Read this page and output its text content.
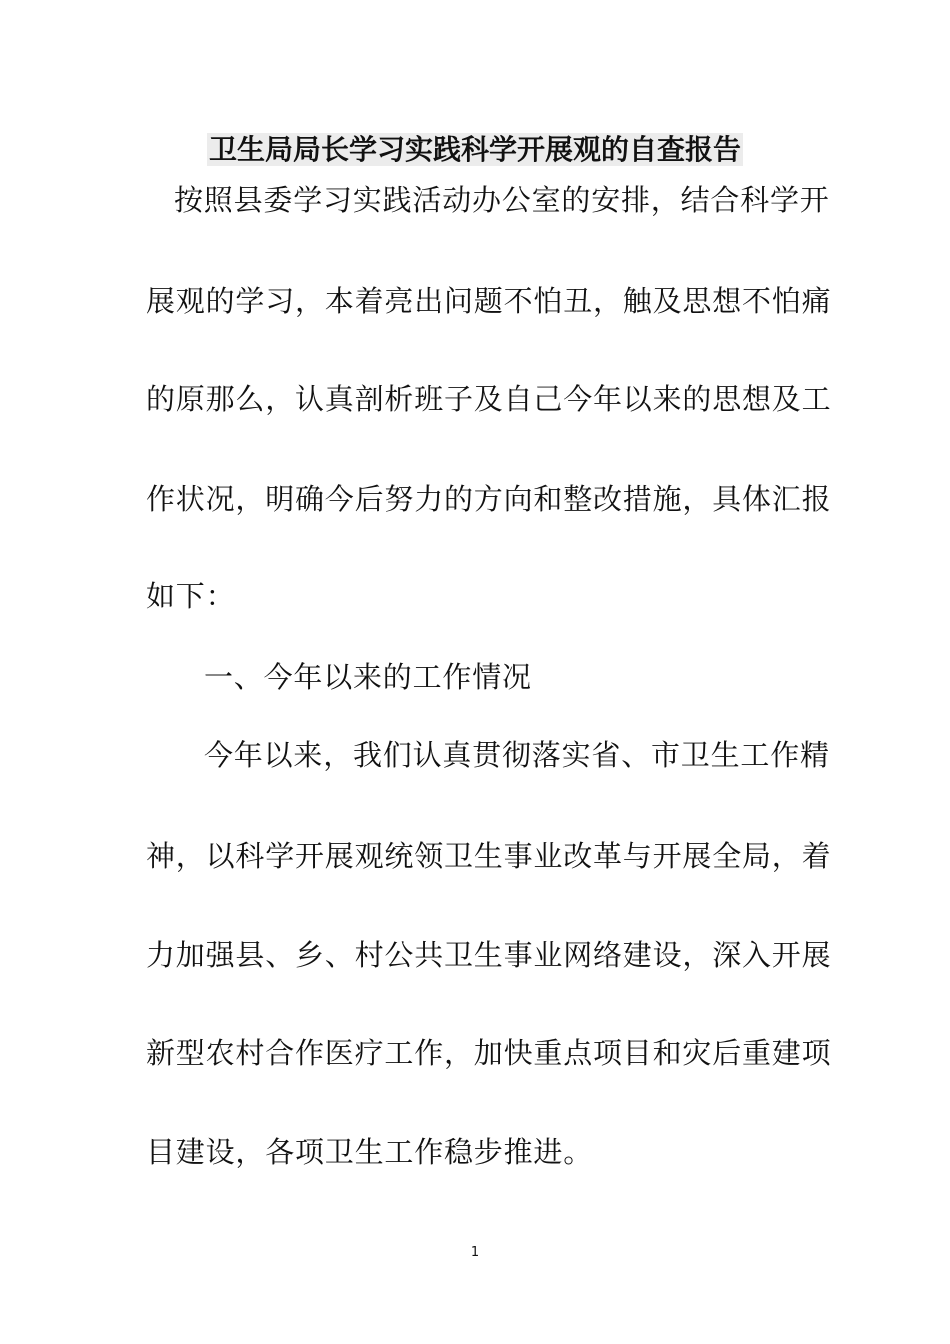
卫生局局长学习实践科学开展观的自查报告
按照县委学习实践活动办公室的安排，结合科学开
展观的学习，本着亮出问题不怕丑，触及思想不怕痛
的原那么，认真剖析班子及自己今年以来的思想及工
作状况，明确今后努力的方向和整改措施，具体汇报
如下：
一、今年以来的工作情况
今年以来，我们认真贯彻落实省、市卫生工作精
神，以科学开展观统领卫生事业改革与开展全局，着
力加强县、乡、村公共卫生事业网络建设，深入开展
新型农村合作医疗工作，加快重点项目和灾后重建项
目建设，各项卫生工作稳步推进。
1
